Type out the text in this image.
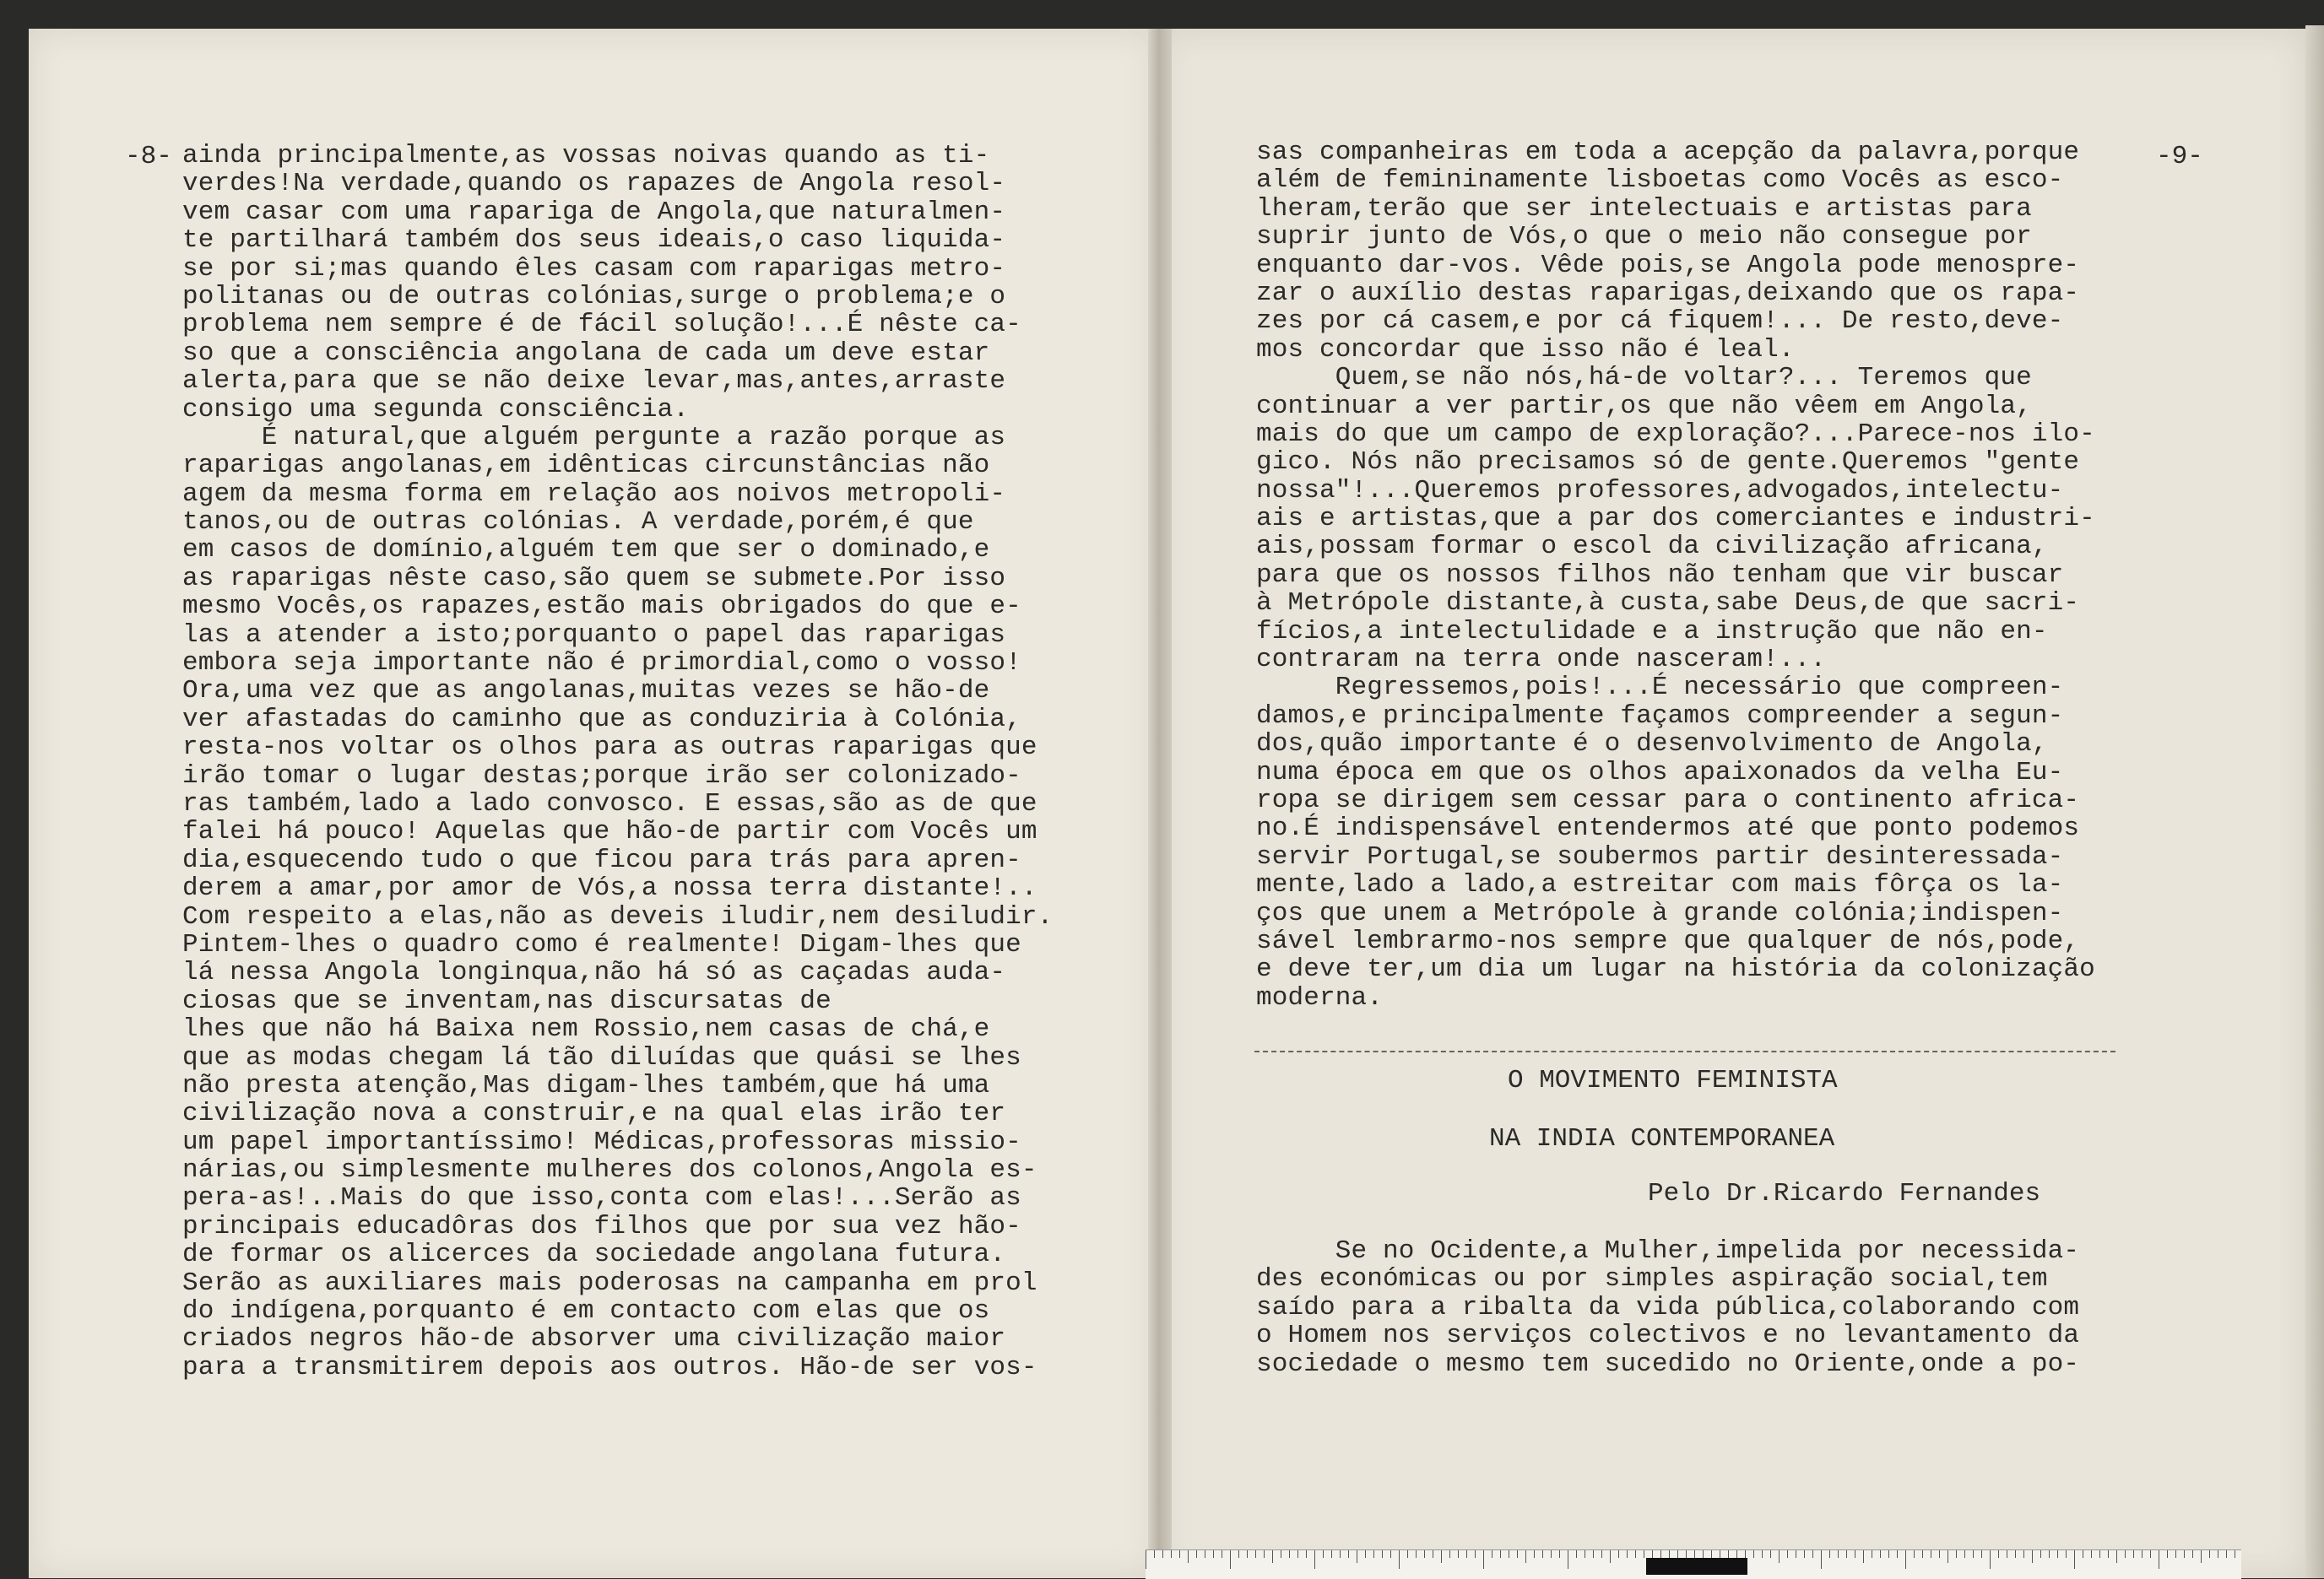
-8- ainda principalmente,as vossas noivas quando as ti-
verdes!Na verdade,quando os rapazes de Angola resol-
vem casar com uma rapariga de Angola,que naturalmen-
te partilhará também dos seus ideais,o caso liquida-
se por si;mas quando êles casam com raparigas metro-
politanas ou de outras colónias,surge o problema;e o
problema nem sempre é de fácil solução!...É nêste ca-
so que a consciência angolana de cada um deve estar
alerta,para que se não deixe levar,mas,antes,arraste
consigo uma segunda consciência.
É natural,que alguém pergunte a razão porque as
raparigas angolanas,em idênticas circunstâncias não
agem da mesma forma em relação aos noivos metropoli-
tanos,ou de outras colónias. A verdade,porém,é que
em casos de domínio,alguém tem que ser o dominado,e
as raparigas nêste caso,são quem se submete.Por isso
mesmo Vocês,os rapazes,estão mais obrigados do que e-
las a atender a isto;porquanto o papel das raparigas
embora seja importante não é primordial,como o vosso!
Ora,uma vez que as angolanas,muitas vezes se hão-de
ver afastadas do caminho que as conduziria à Colónia,
resta-nos voltar os olhos para as outras raparigas que
irão tomar o lugar destas;porque irão ser colonizado-
ras também,lado a lado convosco. E essas,são as de que
falei há pouco! Aquelas que hão-de partir com Vocês um
dia,esquecendo tudo o que ficou para trás para apren-
derem a amar,por amor de Vós,a nossa terra distante!..
Com respeito a elas,não as deveis iludir,nem desiludir.
Pintem-lhes o quadro como é realmente! Digam-lhes que
lá nessa Angola longinqua,não há só as caçadas auda-
ciosas que se inventam,nas discursatas de
lhes que não há Baixa nem Rossio,nem casas de chá,e
que as modas chegam lá tão diluídas que quási se lhes
não presta atenção,Mas digam-lhes também,que há uma
civilização nova a construir,e na qual elas irão ter
um papel importantíssimo! Médicas,professoras missio-
nárias,ou simplesmente mulheres dos colonos,Angola es-
pera-as!..Mais do que isso,conta com elas!...Serão as
principais educadôras dos filhos que por sua vez hão-
de formar os alicerces da sociedade angolana futura.
Serão as auxiliares mais poderosas na campanha em prol
do indígena,porquanto é em contacto com elas que os
criados negros hão-de absorver uma civilização maior
para a transmitirem depois aos outros. Hão-de ser vos-
sas companheiras em toda a acepção da palavra,porque
além de femininamente lisboetas como Vocês as esco-
lheram,terão que ser intelectuais e artistas para
suprir junto de Vós,o que o meio não consegue por
enquanto dar-vos. Vêde pois,se Angola pode menospre-
zar o auxílio destas raparigas,deixando que os rapa-
zes por cá casem,e por cá fiquem!... De resto,deve-
mos concordar que isso não é leal.
Quem,se não nós,há-de voltar?... Teremos que
continuar a ver partir,os que não vêem em Angola,
mais do que um campo de exploração?...Parece-nos ilo-
gico. Nós não precisamos só de gente.Queremos "gente
nossa"!...Queremos professores,advogados,intelectu-
ais e artistas,que a par dos comerciantes e industri-
ais,possam formar o escol da civilização africana,
para que os nossos filhos não tenham que vir buscar
à Metrópole distante,à custa,sabe Deus,de que sacri-
fícios,a intelectulidade e a instrução que não en-
contraram na terra onde nasceram!...
Regressemos,pois!...É necessário que compreen-
damos,e principalmente façamos compreender a segun-
dos,quão importante é o desenvolvimento de Angola,
numa época em que os olhos apaixonados da velha Eu-
ropa se dirigem sem cessar para o continento africa-
no.É indispensável entendermos até que ponto podemos
servir Portugal,se soubermos partir desinteressada-
mente,lado a lado,a estreitar com mais fôrça os la-
ços que unem a Metrópole à grande colónia;indispen-
sável lembrarmo-nos sempre que qualquer de nós,pode,
e deve ter,um dia um lugar na história da colonização
moderna.
-9-
O MOVIMENTO FEMINISTA
NA INDIA CONTEMPORANEA
Pelo Dr.Ricardo Fernandes
Se no Ocidente,a Mulher,impelida por necessida-
des económicas ou por simples aspiração social,tem
saído para a ribalta da vida pública,colaborando com
o Homem nos serviços colectivos e no levantamento da
sociedade o mesmo tem sucedido no Oriente,onde a po-
